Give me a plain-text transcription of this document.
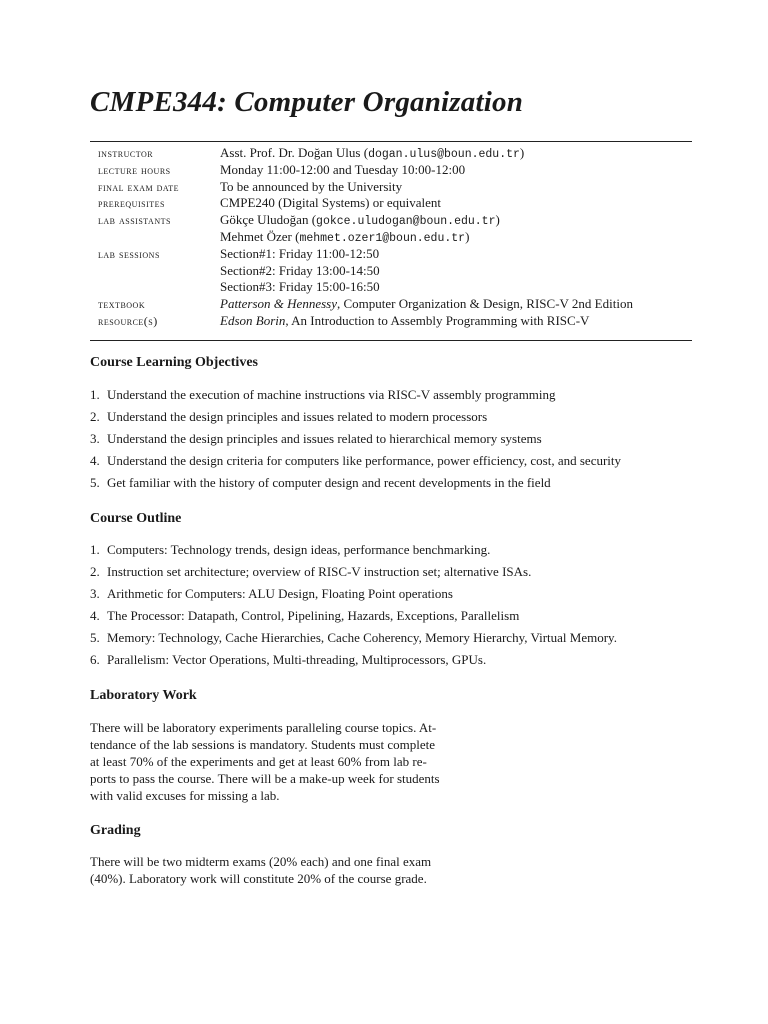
CMPE344: Computer Organization
instructor	Asst. Prof. Dr. Doğan Ulus (dogan.ulus@boun.edu.tr)
lecture hours	Monday 11:00-12:00 and Tuesday 10:00-12:00
final exam date	To be announced by the University
prerequisites	CMPE240 (Digital Systems) or equivalent
lab assistants	Gökçe Uludoğan (gokce.uludogan@boun.edu.tr)
Mehmet Özer (mehmet.ozer1@boun.edu.tr)
lab sessions	Section#1: Friday 11:00-12:50
Section#2: Friday 13:00-14:50
Section#3: Friday 15:00-16:50
textbook	Patterson & Hennessy, Computer Organization & Design, RISC-V 2nd Edition
resource(s)	Edson Borin, An Introduction to Assembly Programming with RISC-V
Course Learning Objectives
1. Understand the execution of machine instructions via RISC-V assembly programming
2. Understand the design principles and issues related to modern processors
3. Understand the design principles and issues related to hierarchical memory systems
4. Understand the design criteria for computers like performance, power efficiency, cost, and security
5. Get familiar with the history of computer design and recent developments in the field
Course Outline
1. Computers: Technology trends, design ideas, performance benchmarking.
2. Instruction set architecture; overview of RISC-V instruction set; alternative ISAs.
3. Arithmetic for Computers: ALU Design, Floating Point operations
4. The Processor: Datapath, Control, Pipelining, Hazards, Exceptions, Parallelism
5. Memory: Technology, Cache Hierarchies, Cache Coherency, Memory Hierarchy, Virtual Memory.
6. Parallelism: Vector Operations, Multi-threading, Multiprocessors, GPUs.
Laboratory Work

There will be laboratory experiments paralleling course topics. At-
tendance of the lab sessions is mandatory. Students must complete
at least 70% of the experiments and get at least 60% from lab re-
ports to pass the course. There will be a make-up week for students
with valid excuses for missing a lab.

Grading

There will be two midterm exams (20% each) and one final exam
(40%). Laboratory work will constitute 20% of the course grade.
